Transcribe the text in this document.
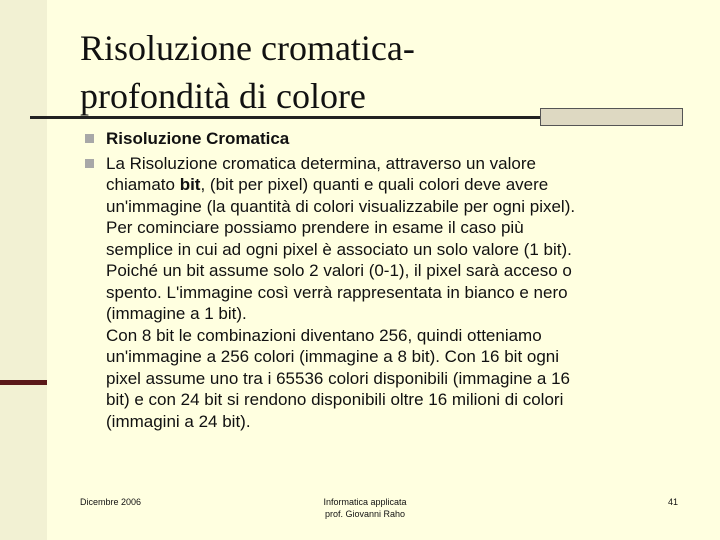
Risoluzione cromatica-
profondità di colore
Risoluzione Cromatica
La Risoluzione cromatica determina, attraverso un valore
chiamato bit, (bit per pixel) quanti e quali colori deve avere
un'immagine (la quantità di colori visualizzabile per ogni pixel).
Per cominciare possiamo prendere in esame il caso più
semplice in cui ad ogni pixel è associato un solo valore (1 bit).
Poiché un bit assume solo 2 valori (0-1), il pixel sarà acceso o
spento. L'immagine così verrà rappresentata in bianco e nero
(immagine a 1 bit).
Con 8 bit le combinazioni diventano 256, quindi otteniamo
un'immagine a 256 colori (immagine a 8 bit). Con 16 bit ogni
pixel assume uno tra i 65536 colori disponibili (immagine a 16
bit) e con 24 bit si rendono disponibili oltre 16 milioni di colori
(immagini a 24 bit).
Dicembre 2006	Informatica applicata
prof. Giovanni Raho
41
